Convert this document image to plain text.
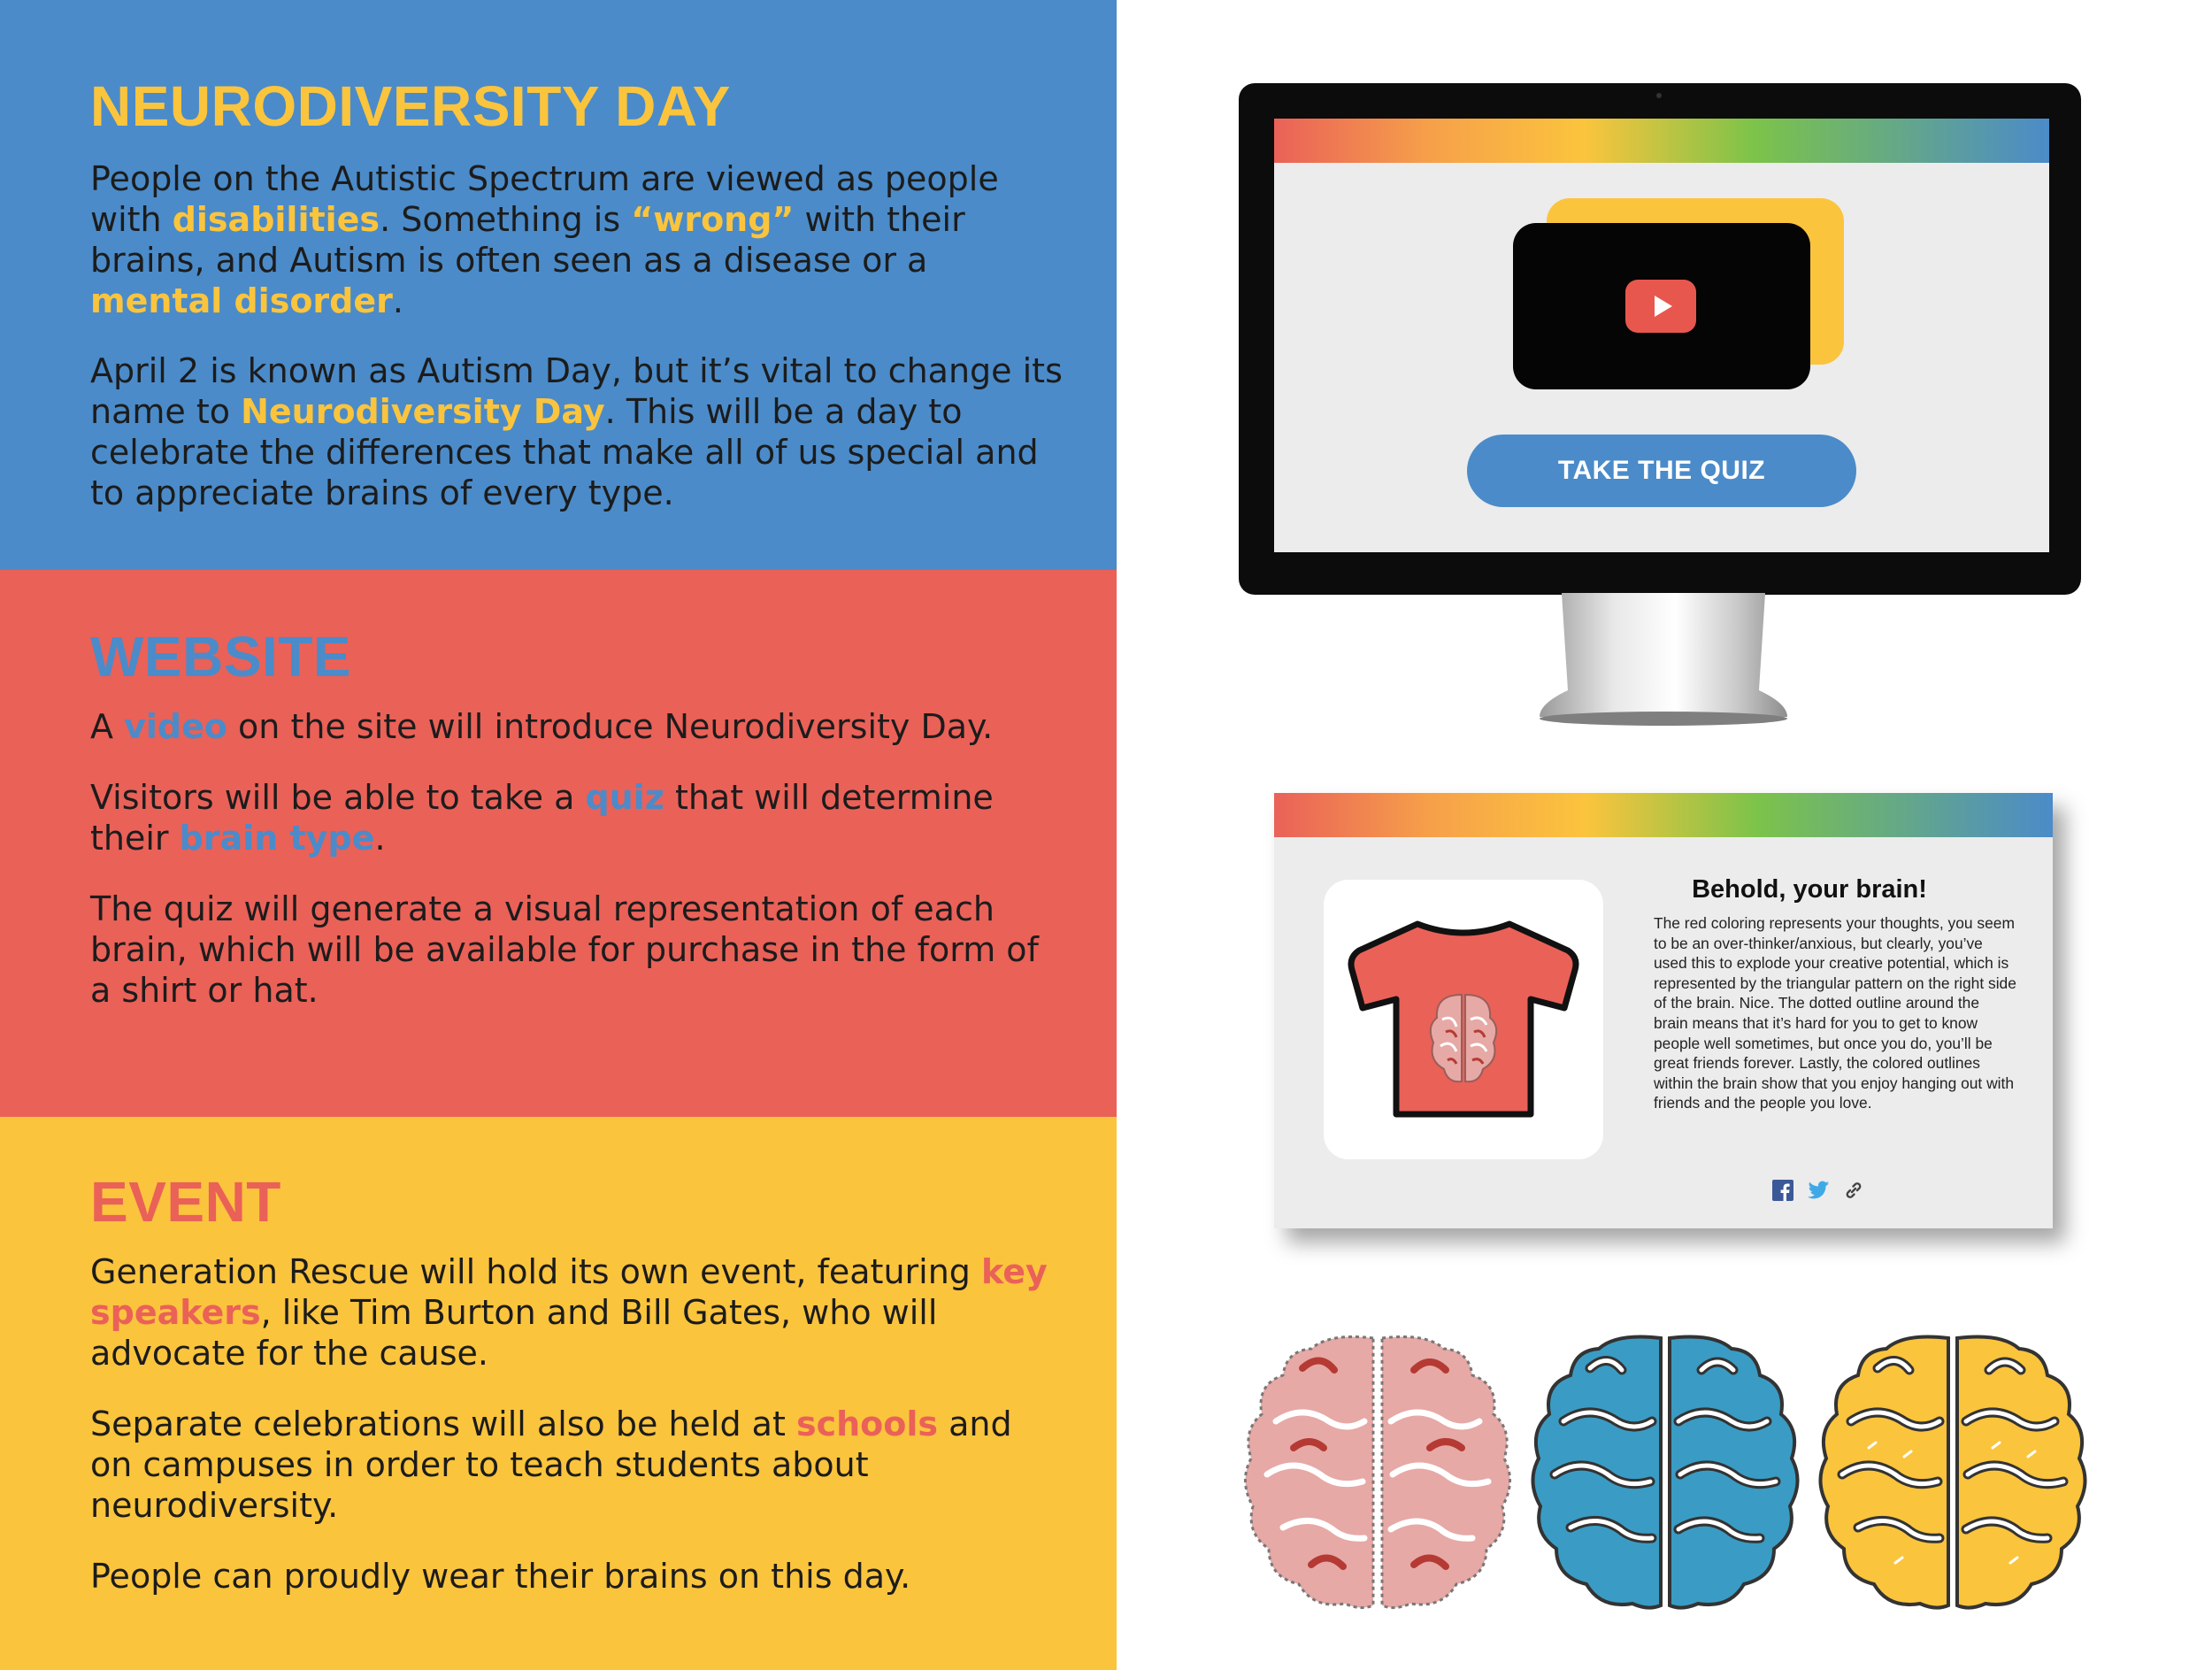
NEURODIVERSITY DAY

People on the Autistic Spectrum are viewed as people with disabilities. Something is “wrong” with their brains, and Autism is often seen as a disease or a mental disorder.

April 2 is known as Autism Day, but it’s vital to change its name to Neurodiversity Day. This will be a day to celebrate the differences that make all of us special and to appreciate brains of every type.

WEBSITE

A video on the site will introduce Neurodiversity Day.

Visitors will be able to take a quiz that will determine their brain type.

The quiz will generate a visual representation of each brain, which will be available for purchase in the form of a shirt or hat.

EVENT

Generation Rescue will hold its own event, featuring key speakers, like Tim Burton and Bill Gates, who will advocate for the cause.

Separate celebrations will also be held at schools and on campuses in order to teach students about neurodiversity.

People can proudly wear their brains on this day.

TAKE THE QUIZ
Behold, your brain!
The red coloring represents your thoughts, you seem to be an over-thinker/anxious, but clearly, you’ve used this to explode your creative potential, which is represented by the triangular pattern on the right side of the brain. Nice. The dotted outline around the brain means that it’s hard for you to get to know people well sometimes, but once you do, you’ll be great friends forever. Lastly, the colored outlines within the brain show that you enjoy hanging out with friends and the people you love.
